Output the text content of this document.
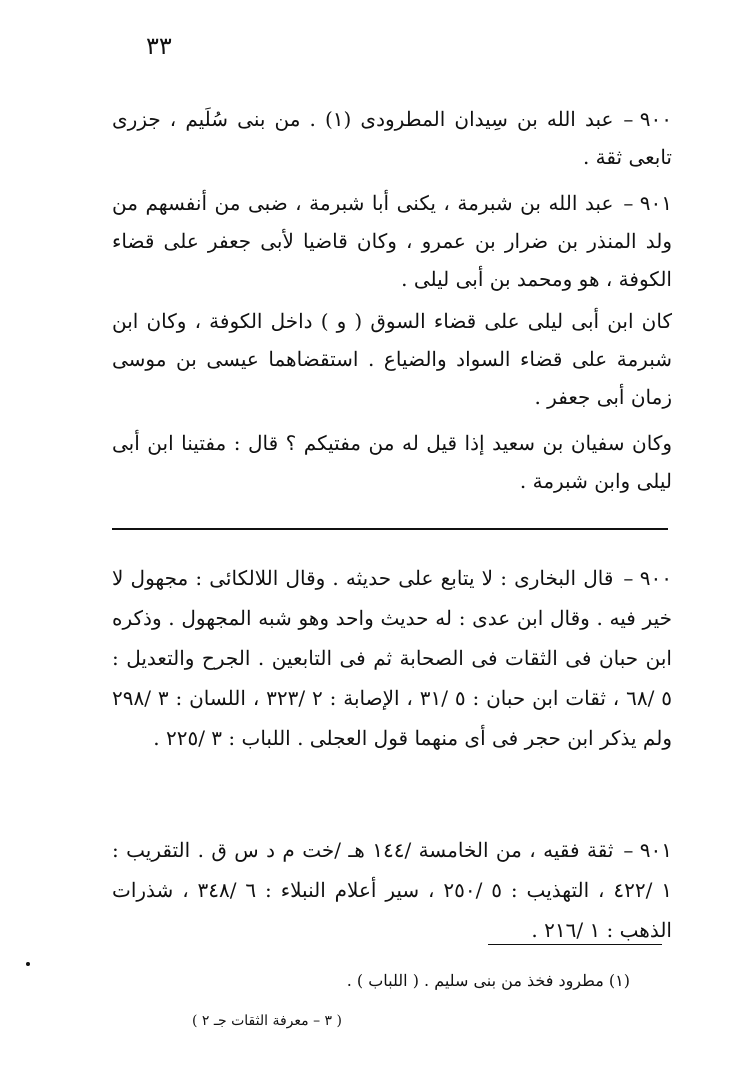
٣٣
٩٠٠ –عبد الله بن سِيدان المطرودى (١) . من بنى سُلَيم ، جزرى تابعى ثقة .
٩٠١ –عبد الله بن شبرمة ، يكنى أبا شبرمة ، ضبى من أنفسهم من ولد المنذر بن ضرار بن عمرو ، وكان قاضيا لأبى جعفر على قضاء الكوفة ، هو ومحمد بن أبى ليلى .
كان ابن أبى ليلى على قضاء السوق ( و ) داخل الكوفة ، وكان ابن شبرمة على قضاء السواد والضياع . استقضاهما عيسى بن موسى زمان أبى جعفر .
وكان سفيان بن سعيد إذا قيل له من مفتيكم ؟ قال : مفتينا ابن أبى ليلى وابن شبرمة .
٩٠٠ –قال البخارى : لا يتابع على حديثه . وقال اللالكائى : مجهول لا خير فيه . وقال ابن عدى : له حديث واحد وهو شبه المجهول . وذكره ابن حبان فى الثقات فى الصحابة ثم فى التابعين . الجرح والتعديل : ٥ /٦٨ ، ثقات ابن حبان : ٥ /٣١ ، الإصابة : ٢ /٣٢٣ ، اللسان : ٣ /٢٩٨ ولم يذكر ابن حجر فى أى منهما قول العجلى . اللباب : ٣ /٢٢٥ .
٩٠١ –ثقة فقيه ، من الخامسة /١٤٤ هـ /خت م د س ق . التقريب : ١ /٤٢٢ ، التهذيب : ٥ /٢٥٠ ، سير أعلام النبلاء : ٦ /٣٤٨ ، شذرات الذهب : ١ /٢١٦ .
(١) مطرود فخذ من بنى سليم . ( اللباب ) .
( ٣ – معرفة الثقات جـ ٢ )
